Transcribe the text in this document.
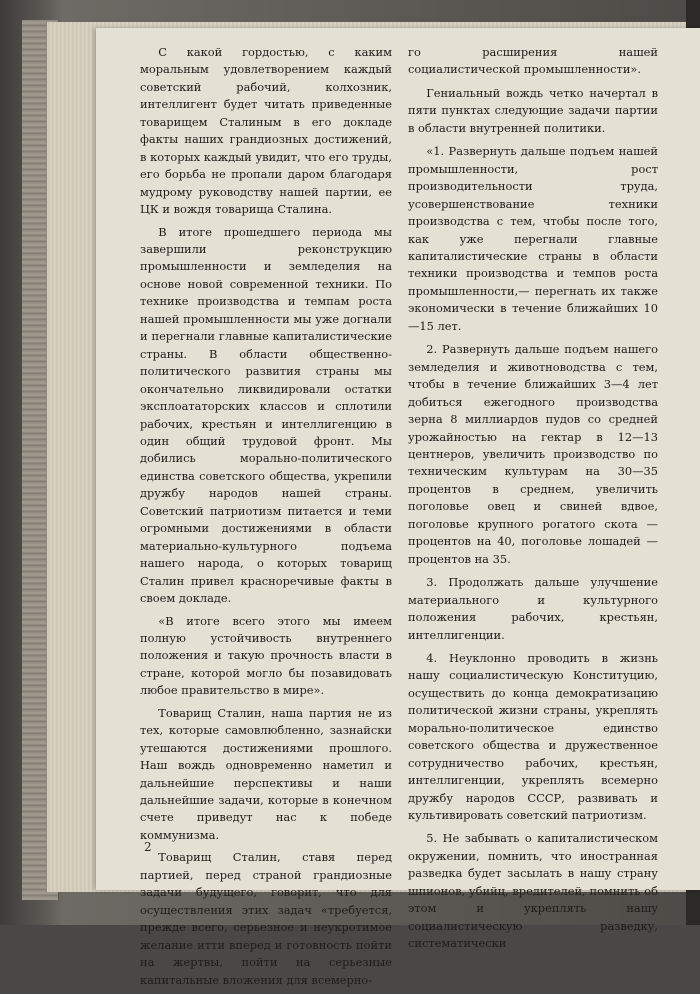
С какой гордостью, с каким моральным удовлетворением каждый советский рабочий, колхозник, интеллигент будет читать приведенные товарищем Сталиным в его докладе факты наших грандиозных достижений, в которых каждый увидит, что его труды, его борьба не пропали даром благодаря мудрому руководству нашей партии, ее ЦК и вождя товарища Сталина.

В итоге прошедшего периода мы завершили реконструкцию промышленности и земледелия на основе новой современной техники. По технике производства и темпам роста нашей промышленности мы уже догнали и перегнали главные капиталистические страны. В области общественно-политического развития страны мы окончательно ликвидировали остатки эксплоататорских классов и сплотили рабочих, крестьян и интеллигенцию в один общий трудовой фронт. Мы добились морально-политического единства советского общества, укрепили дружбу народов нашей страны. Советский патриотизм питается и теми огромными достижениями в области материально-культурного подъема нашего народа, о которых товарищ Сталин привел красноречивые факты в своем докладе.

«В итоге всего этого мы имеем полную устойчивость внутреннего положения и такую прочность власти в стране, которой могло бы позавидовать любое правительство в мире».

Товарищ Сталин, наша партия не из тех, которые самовлюбленно, зазнайски утешаются достижениями прошлого. Наш вождь одновременно наметил и дальнейшие перспективы и наши дальнейшие задачи, которые в конечном счете приведут нас к победе коммунизма.

Товарищ Сталин, ставя перед партией, перед страной грандиозные задачи будущего, говорит, что для осуществления этих задач «требуется, прежде всего, серьезное и неукротимое желание итти вперед и готовность пойти на жертвы, пойти на серьезные капитальные вложения для всемерно-

го расширения нашей социалистической промышленности».

Гениальный вождь четко начертал в пяти пунктах следующие задачи партии в области внутренней политики.

«1. Развернуть дальше подъем нашей промышленности, рост производительности труда, усовершенствование техники производства с тем, чтобы после того, как уже перегнали главные капиталистические страны в области техники производства и темпов роста промышленности,— перегнать их также экономически в течение ближайших 10—15 лет.

2. Развернуть дальше подъем нашего земледелия и животноводства с тем, чтобы в течение ближайших 3—4 лет добиться ежегодного производства зерна 8 миллиардов пудов со средней урожайностью на гектар в 12—13 центнеров, увеличить производство по техническим культурам на 30—35 процентов в среднем, увеличить поголовье овец и свиней вдвое, поголовье крупного рогатого скота — процентов на 40, поголовье лошадей — процентов на 35.

3. Продолжать дальше улучшение материального и культурного положения рабочих, крестьян, интеллигенции.

4. Неуклонно проводить в жизнь нашу социалистическую Конституцию, осуществить до конца демократизацию политической жизни страны, укреплять морально-политическое единство советского общества и дружественное сотрудничество рабочих, крестьян, интеллигенции, укреплять всемерно дружбу народов СССР, развивать и культивировать советский патриотизм.

5. Не забывать о капиталистическом окружении, помнить, что иностранная разведка будет засылать в нашу страну шпионов, убийц, вредителей, помнить об этом и укреплять нашу социалистическую разведку, систематически

2
